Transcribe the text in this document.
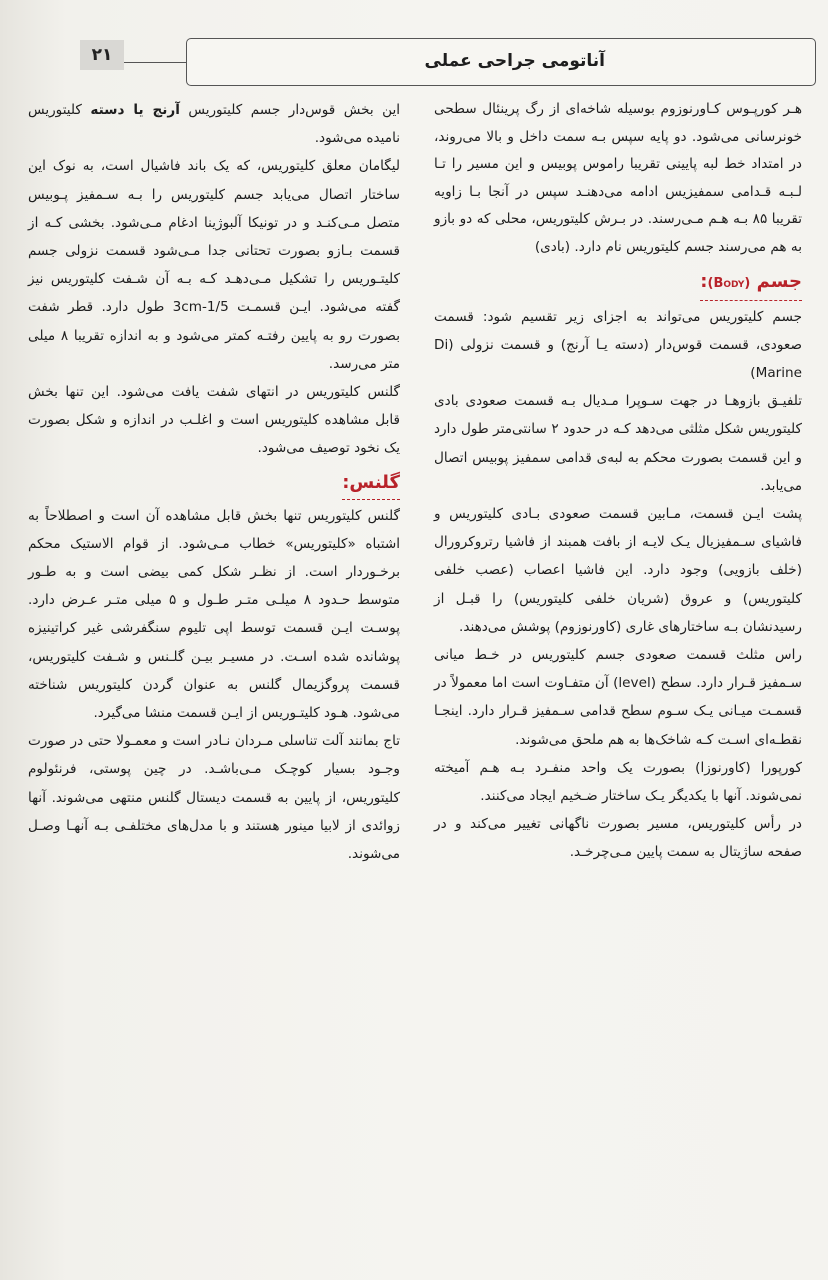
۲۱	آناتومی جراحی عملی

هـر کورپـوس کـاورنوزوم بوسیله شاخه‌ای از رگ پرینئال سطحی خونرسانی می‌شود. دو پایه سپس بـه سمت داخل و بالا می‌روند، در امتداد خط لبه پایینی تقریبا راموس پوبیس و این مسیر را تـا لـبـه قـدامی سمفیزیس ادامه می‌دهنـد سپس در آنجا بـا زاویه تقریبا ۸۵ بـه هـم مـی‌رسند. در بـرش کلیتوریس، محلی که دو بازو به هم می‌رسند جسم کلیتوریس نام دارد. (بادی)

جسم (Body):

جسم کلیتوریس می‌تواند به اجزای زیر تقسیم شود: قسمت صعودی، قسمت قوس‌دار (دسته یـا آرنج) و قسمت نزولی (Di Marine)

تلفیـق بازوهـا در جهت سـوپرا مـدیال بـه قسمت صعودی بادی کلیتوریس شکل مثلثی می‌دهد کـه در حدود ۲ سانتی‌متر طول دارد و این قسمت بصورت محکم به لبه‌ی قدامی سمفیز پوبیس اتصال می‌یابد.

پشت ایـن قسمت، مـابین قسمت صعودی بـادی کلیتوریس و فاشیای سـمفیزیال یـک لایـه از بافت همبند از فاشیا رتروکرورال (خلف بازویی) وجود دارد. این فاشیا اعصاب (عصب خلفی کلیتوریس) و عروق (شریان خلفی کلیتوریس) را قبـل از رسیدنشان بـه ساختارهای غاری (کاورنوزوم) پوشش می‌دهند.

راس مثلث قسمت صعودی جسم کلیتوریس در خـط میانی سـمفیز قـرار دارد. سطح (level) آن متفـاوت است اما معمولاً در قسمـت میـانی یـک سـوم سطح قدامی سـمفیز قـرار دارد. اینجـا نقطـه‌ای اسـت کـه شاخک‌ها به هم ملحق می‌شوند.

کورپورا (کاورنوزا) بصورت یک واحد منفـرد بـه هـم آمیخته نمی‌شوند. آنها با یکدیگر یـک ساختار ضـخیم ایجاد می‌کنند.

در رأس کلیتوریس، مسیر بصورت ناگهانی تغییر می‌کند و در صفحه ساژیتال به سمت پایین مـی‌چرخـد.

این بخش قوس‌دار جسم کلیتوریس آرنج یا دسته کلیتوریس نامیده می‌شود.

لیگامان معلق کلیتوریس، که یک باند فاشیال است، به نوک این ساختار اتصال می‌یابد جسم کلیتوریس را بـه سـمفیز پـوبیس متصل مـی‌کنـد و در تونیکا آلبوژینا ادغام مـی‌شود. بخشی کـه از قسمت بـازو بصورت تحتانی جدا مـی‌شود قسمت نزولی جسم کلیتـوریس را تشکیل مـی‌دهـد کـه بـه آن شـفت کلیتوریس نیز گفته می‌شود. ایـن قسمـت 1/5-3cm طول دارد. قطر شفت بصورت رو به پایین رفتـه کمتر می‌شود و به اندازه تقریبا ۸ میلی متر می‌رسد.

گلنس کلیتوریس در انتهای شفت یافت می‌شود. این تنها بخش قابل مشاهده کلیتوریس است و اغلـب در اندازه و شکل بصورت یک نخود توصیف می‌شود.

گلنس:

گلنس کلیتوریس تنها بخش قابل مشاهده آن است و اصطلاحاً به اشتباه «کلیتوریس» خطاب مـی‌شود. از قوام الاستیک محکم برخـوردار است. از نظـر شکل کمی بیضی است و به طـور متوسط حـدود ۸ میلـی متـر طـول و ۵ میلی متـر عـرض دارد. پوسـت ایـن قسمت توسط اپی تلیوم سنگفرشی غیر کراتینیزه پوشانده شده اسـت. در مسیـر بیـن گلـنس و شـفت کلیتوریس، قسمت پروگزیمال گلنس به عنوان گردن کلیتوریس شناخته می‌شود. هـود کلیتـوریس از ایـن قسمت منشا می‌گیرد.

تاج بمانند آلت تناسلی مـردان نـادر است و معمـولا حتی در صورت وجـود بسیار کوچـک مـی‌باشـد. در چین پوستی، فرنئولوم کلیتوریس، از پایین به قسمت دیستال گلنس منتهی می‌شوند. آنها زوائدی از لابیا مینور هستند و با مدل‌های مختلفـی بـه آنهـا وصـل می‌شوند.
